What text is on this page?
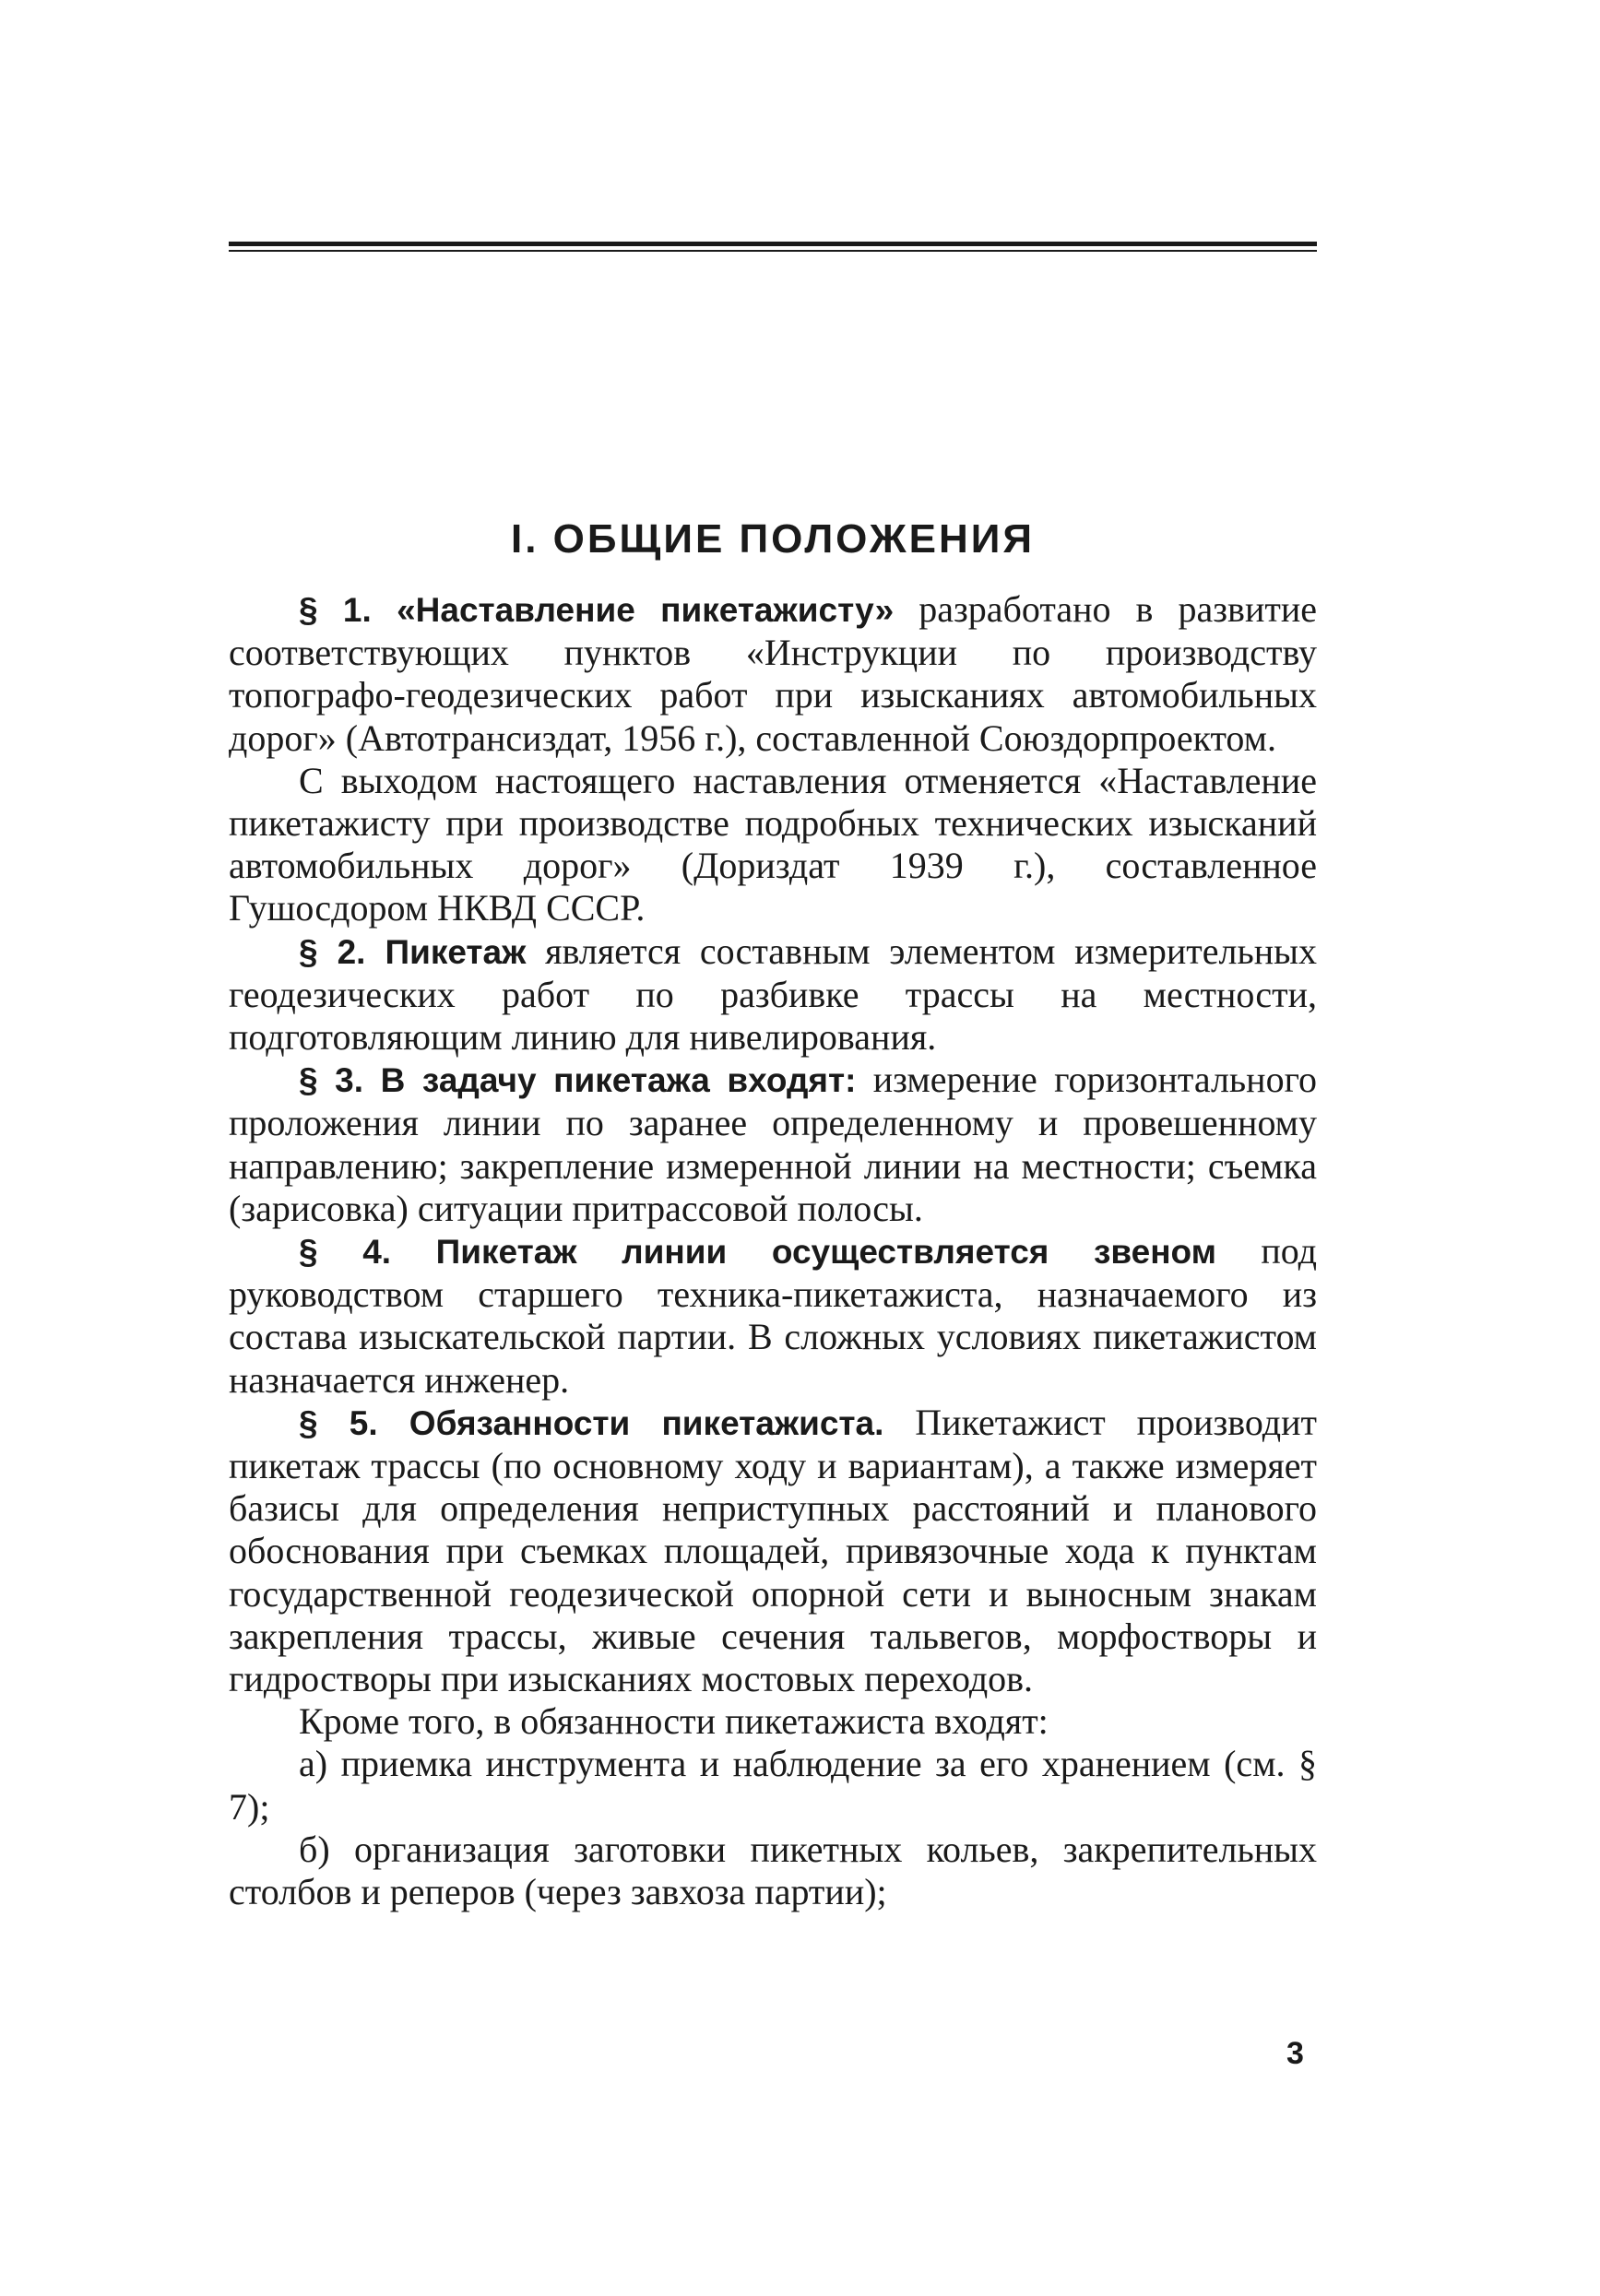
I. ОБЩИЕ ПОЛОЖЕНИЯ

§ 1. «Наставление пикетажисту» разработано в развитие соответствующих пунктов «Инструкции по производству топографо-геодезических работ при изысканиях автомобильных дорог» (Автотрансиздат, 1956 г.), составленной Союздорпроектом.

С выходом настоящего наставления отменяется «Наставление пикетажисту при производстве подробных технических изысканий автомобильных дорог» (Дориздат 1939 г.), составленное Гушосдором НКВД СССР.

§ 2. Пикетаж является составным элементом измерительных геодезических работ по разбивке трассы на местности, подготовляющим линию для нивелирования.

§ 3. В задачу пикетажа входят: измерение горизонтального проложения линии по заранее определенному и провешенному направлению; закрепление измеренной линии на местности; съемка (зарисовка) ситуации притрассовой полосы.

§ 4. Пикетаж линии осуществляется звеном под руководством старшего техника-пикетажиста, назначаемого из состава изыскательской партии. В сложных условиях пикетажистом назначается инженер.

§ 5. Обязанности пикетажиста. Пикетажист производит пикетаж трассы (по основному ходу и вариантам), а также измеряет базисы для определения неприступных расстояний и планового обоснования при съемках площадей, привязочные хода к пунктам государственной геодезической опорной сети и выносным знакам закрепления трассы, живые сечения тальвегов, морфостворы и гидростворы при изысканиях мостовых переходов.

Кроме того, в обязанности пикетажиста входят:

а) приемка инструмента и наблюдение за его хранением (см. § 7);

б) организация заготовки пикетных кольев, закрепительных столбов и реперов (через завхоза партии);

3
